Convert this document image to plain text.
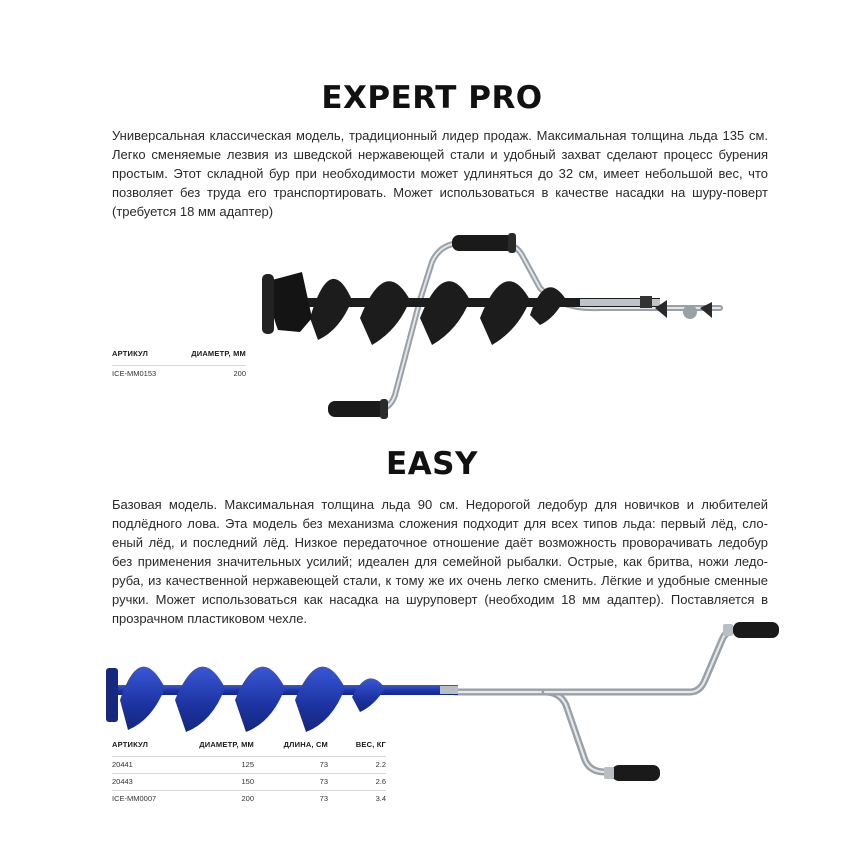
EXPERT PRO

Универсальная классическая модель, традиционный лидер продаж. Максимальная толщина льда 135 см. Легко сменяемые лезвия из шведской нержавеющей стали и удобный захват сделают процесс бурения простым. Этот складной бур при необходимости может удлиняться до 32 см, имеет небольшой вес, что позволяет без труда его транспортировать. Может использоваться в качестве насадки на шуру-поверт (требуется 18 мм адаптер)

АРТИКУЛ	ДИАМЕТР, ММ
ICE-MM0153	200
EASY

Базовая модель. Максимальная толщина льда 90 см. Недорогой ледобур для новичков и любителей подлёдного лова. Эта модель без механизма сложения подходит для всех типов льда: первый лёд, сло-еный лёд, и последний лёд. Низкое передаточное отношение даёт возможность проворачивать ледобур без применения значительных усилий; идеален для семейной рыбалки. Острые, как бритва, ножи ледо-руба, из качественной нержавеющей стали, к тому же их очень легко сменить. Лёгкие и удобные сменные ручки. Может использоваться как насадка на шуруповерт (необходим 18 мм адаптер). Поставляется в прозрачном пластиковом чехле.

АРТИКУЛ	ДИАМЕТР, ММ	ДЛИНА, СМ	ВЕС, КГ
20441	125	73	2.2
20443	150	73	2.6
ICE-MM0007	200	73	3.4
